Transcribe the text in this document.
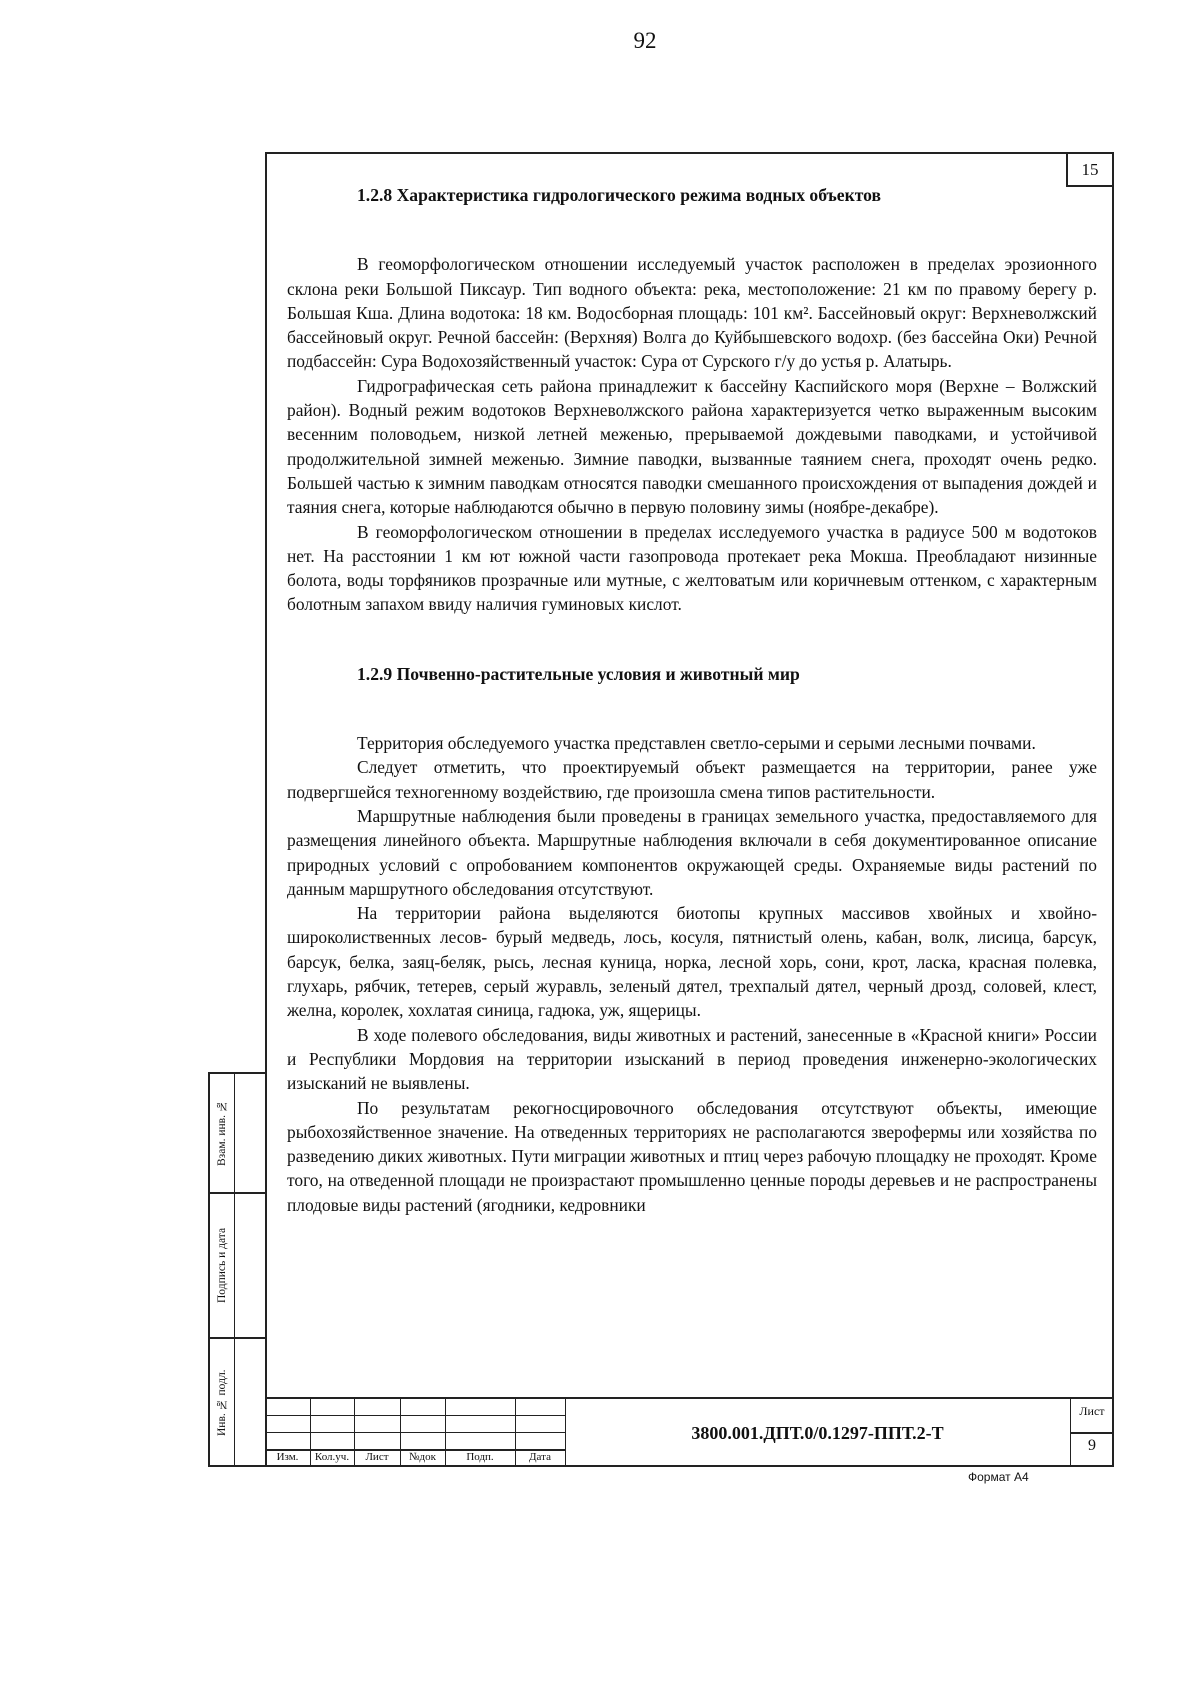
92
15

1.2.8 Характеристика гидрологического режима водных объектов

В геоморфологическом отношении исследуемый участок расположен в пределах эрозионного склона реки Большой Пиксаур. Тип водного объекта: река, местоположение: 21 км по правому берегу р. Большая Кша. Длина водотока: 18 км. Водосборная площадь: 101 км². Бассейновый округ: Верхневолжский бассейновый округ. Речной бассейн: (Верхняя) Волга до Куйбышевского водохр. (без бассейна Оки) Речной подбассейн: Сура Водохозяйственный участок: Сура от Сурского г/у до устья р. Алатырь.

Гидрографическая сеть района принадлежит к бассейну Каспийского моря (Верхне – Волжский район). Водный режим водотоков Верхневолжского района характеризуется четко выраженным высоким весенним половодьем, низкой летней меженью, прерываемой дождевыми паводками, и устойчивой продолжительной зимней меженью. Зимние паводки, вызванные таянием снега, проходят очень редко. Большей частью к зимним паводкам относятся паводки смешанного происхождения от выпадения дождей и таяния снега, которые наблюдаются обычно в первую половину зимы (ноябре-декабре).

В геоморфологическом отношении в пределах исследуемого участка в радиусе 500 м водотоков нет. На расстоянии 1 км ют южной части газопровода протекает река Мокша. Преобладают низинные болота, воды торфяников прозрачные или мутные, с желтоватым или коричневым оттенком, с характерным болотным запахом ввиду наличия гуминовых кислот.

1.2.9 Почвенно-растительные условия и животный мир

Территория обследуемого участка представлен светло-серыми и серыми лесными почвами.

Следует отметить, что проектируемый объект размещается на территории, ранее уже подвергшейся техногенному воздействию, где произошла смена типов растительности.

Маршрутные наблюдения были проведены в границах земельного участка, предоставляемого для размещения линейного объекта. Маршрутные наблюдения включали в себя документированное описание природных условий с опробованием компонентов окружающей среды. Охраняемые виды растений по данным маршрутного обследования отсутствуют.

На территории района выделяются биотопы крупных массивов хвойных и хвойно-широколиственных лесов- бурый медведь, лось, косуля, пятнистый олень, кабан, волк, лисица, барсук, барсук, белка, заяц-беляк, рысь, лесная куница, норка, лесной хорь, сони, крот, ласка, красная полевка, глухарь, рябчик, тетерев, серый журавль, зеленый дятел, трехпалый дятел, черный дрозд, соловей, клест, желна, королек, хохлатая синица, гадюка, уж, ящерицы.

В ходе полевого обследования, виды животных и растений, занесенные в «Красной книги» России и Республики Мордовия на территории изысканий в период проведения инженерно-экологических изысканий не выявлены.

По результатам рекогносцировочного обследования отсутствуют объекты, имеющие рыбохозяйственное значение. На отведенных территориях не располагаются зверофермы или хозяйства по разведению диких животных. Пути миграции животных и птиц через рабочую площадку не проходят. Кроме того, на отведенной площади не произрастают промышленно ценные породы деревьев и не распространены плодовые виды растений (ягодники, кедровники

Взам. инв. №
Подпись и дата
Инв. № подл.
Изм.	Кол.уч.	Лист	№док	Подп.	Дата
3800.001.ДПТ.0/0.1297-ППТ.2-Т
Лист
9
Формат А4
